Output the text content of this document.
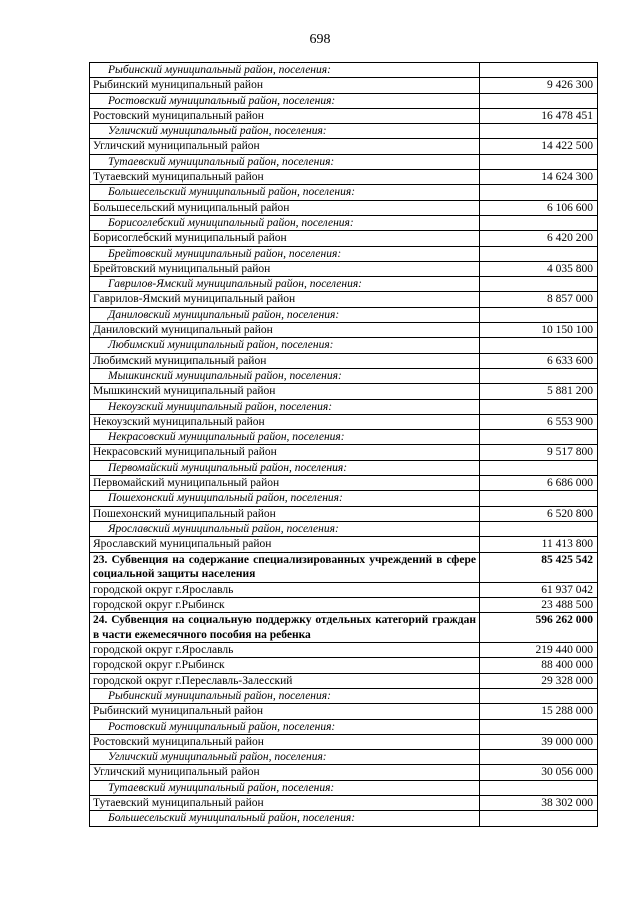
698
Рыбинский муниципальный район, поселения:	
Рыбинский муниципальный район	9 426 300
Ростовский муниципальный район, поселения:	
Ростовский муниципальный район	16 478 451
Угличский муниципальный район, поселения:	
Угличский муниципальный район	14 422 500
Тутаевский муниципальный район, поселения:	
Тутаевский муниципальный район	14 624 300
Большесельский муниципальный район, поселения:	
Большесельский муниципальный район	6 106 600
Борисоглебский муниципальный район, поселения:	
Борисоглебский муниципальный район	6 420 200
Брейтовский муниципальный район, поселения:	
Брейтовский муниципальный район	4 035 800
Гаврилов-Ямский муниципальный район, поселения:	
Гаврилов-Ямский муниципальный район	8 857 000
Даниловский муниципальный район, поселения:	
Даниловский муниципальный район	10 150 100
Любимский муниципальный район, поселения:	
Любимский муниципальный район	6 633 600
Мышкинский муниципальный район, поселения:	
Мышкинский муниципальный район	5 881 200
Некоузский муниципальный район, поселения:	
Некоузский муниципальный район	6 553 900
Некрасовский муниципальный район, поселения:	
Некрасовский муниципальный район	9 517 800
Первомайский муниципальный район, поселения:	
Первомайский муниципальный район	6 686 000
Пошехонский муниципальный район, поселения:	
Пошехонский муниципальный район	6 520 800
Ярославский муниципальный район, поселения:	
Ярославский муниципальный район	11 413 800
23. Субвенция на содержание специализированных учреждений в сфере социальной защиты населения	85 425 542
городской округ г.Ярославль	61 937 042
городской округ г.Рыбинск	23 488 500
24. Субвенция на социальную поддержку отдельных категорий граждан в части ежемесячного пособия на ребенка	596 262 000
городской округ г.Ярославль	219 440 000
городской округ г.Рыбинск	88 400 000
городской округ г.Переславль-Залесский	29 328 000
Рыбинский муниципальный район, поселения:	
Рыбинский муниципальный район	15 288 000
Ростовский муниципальный район, поселения:	
Ростовский муниципальный район	39 000 000
Угличский муниципальный район, поселения:	
Угличский муниципальный район	30 056 000
Тутаевский муниципальный район, поселения:	
Тутаевский муниципальный район	38 302 000
Большесельский муниципальный район, поселения:	
